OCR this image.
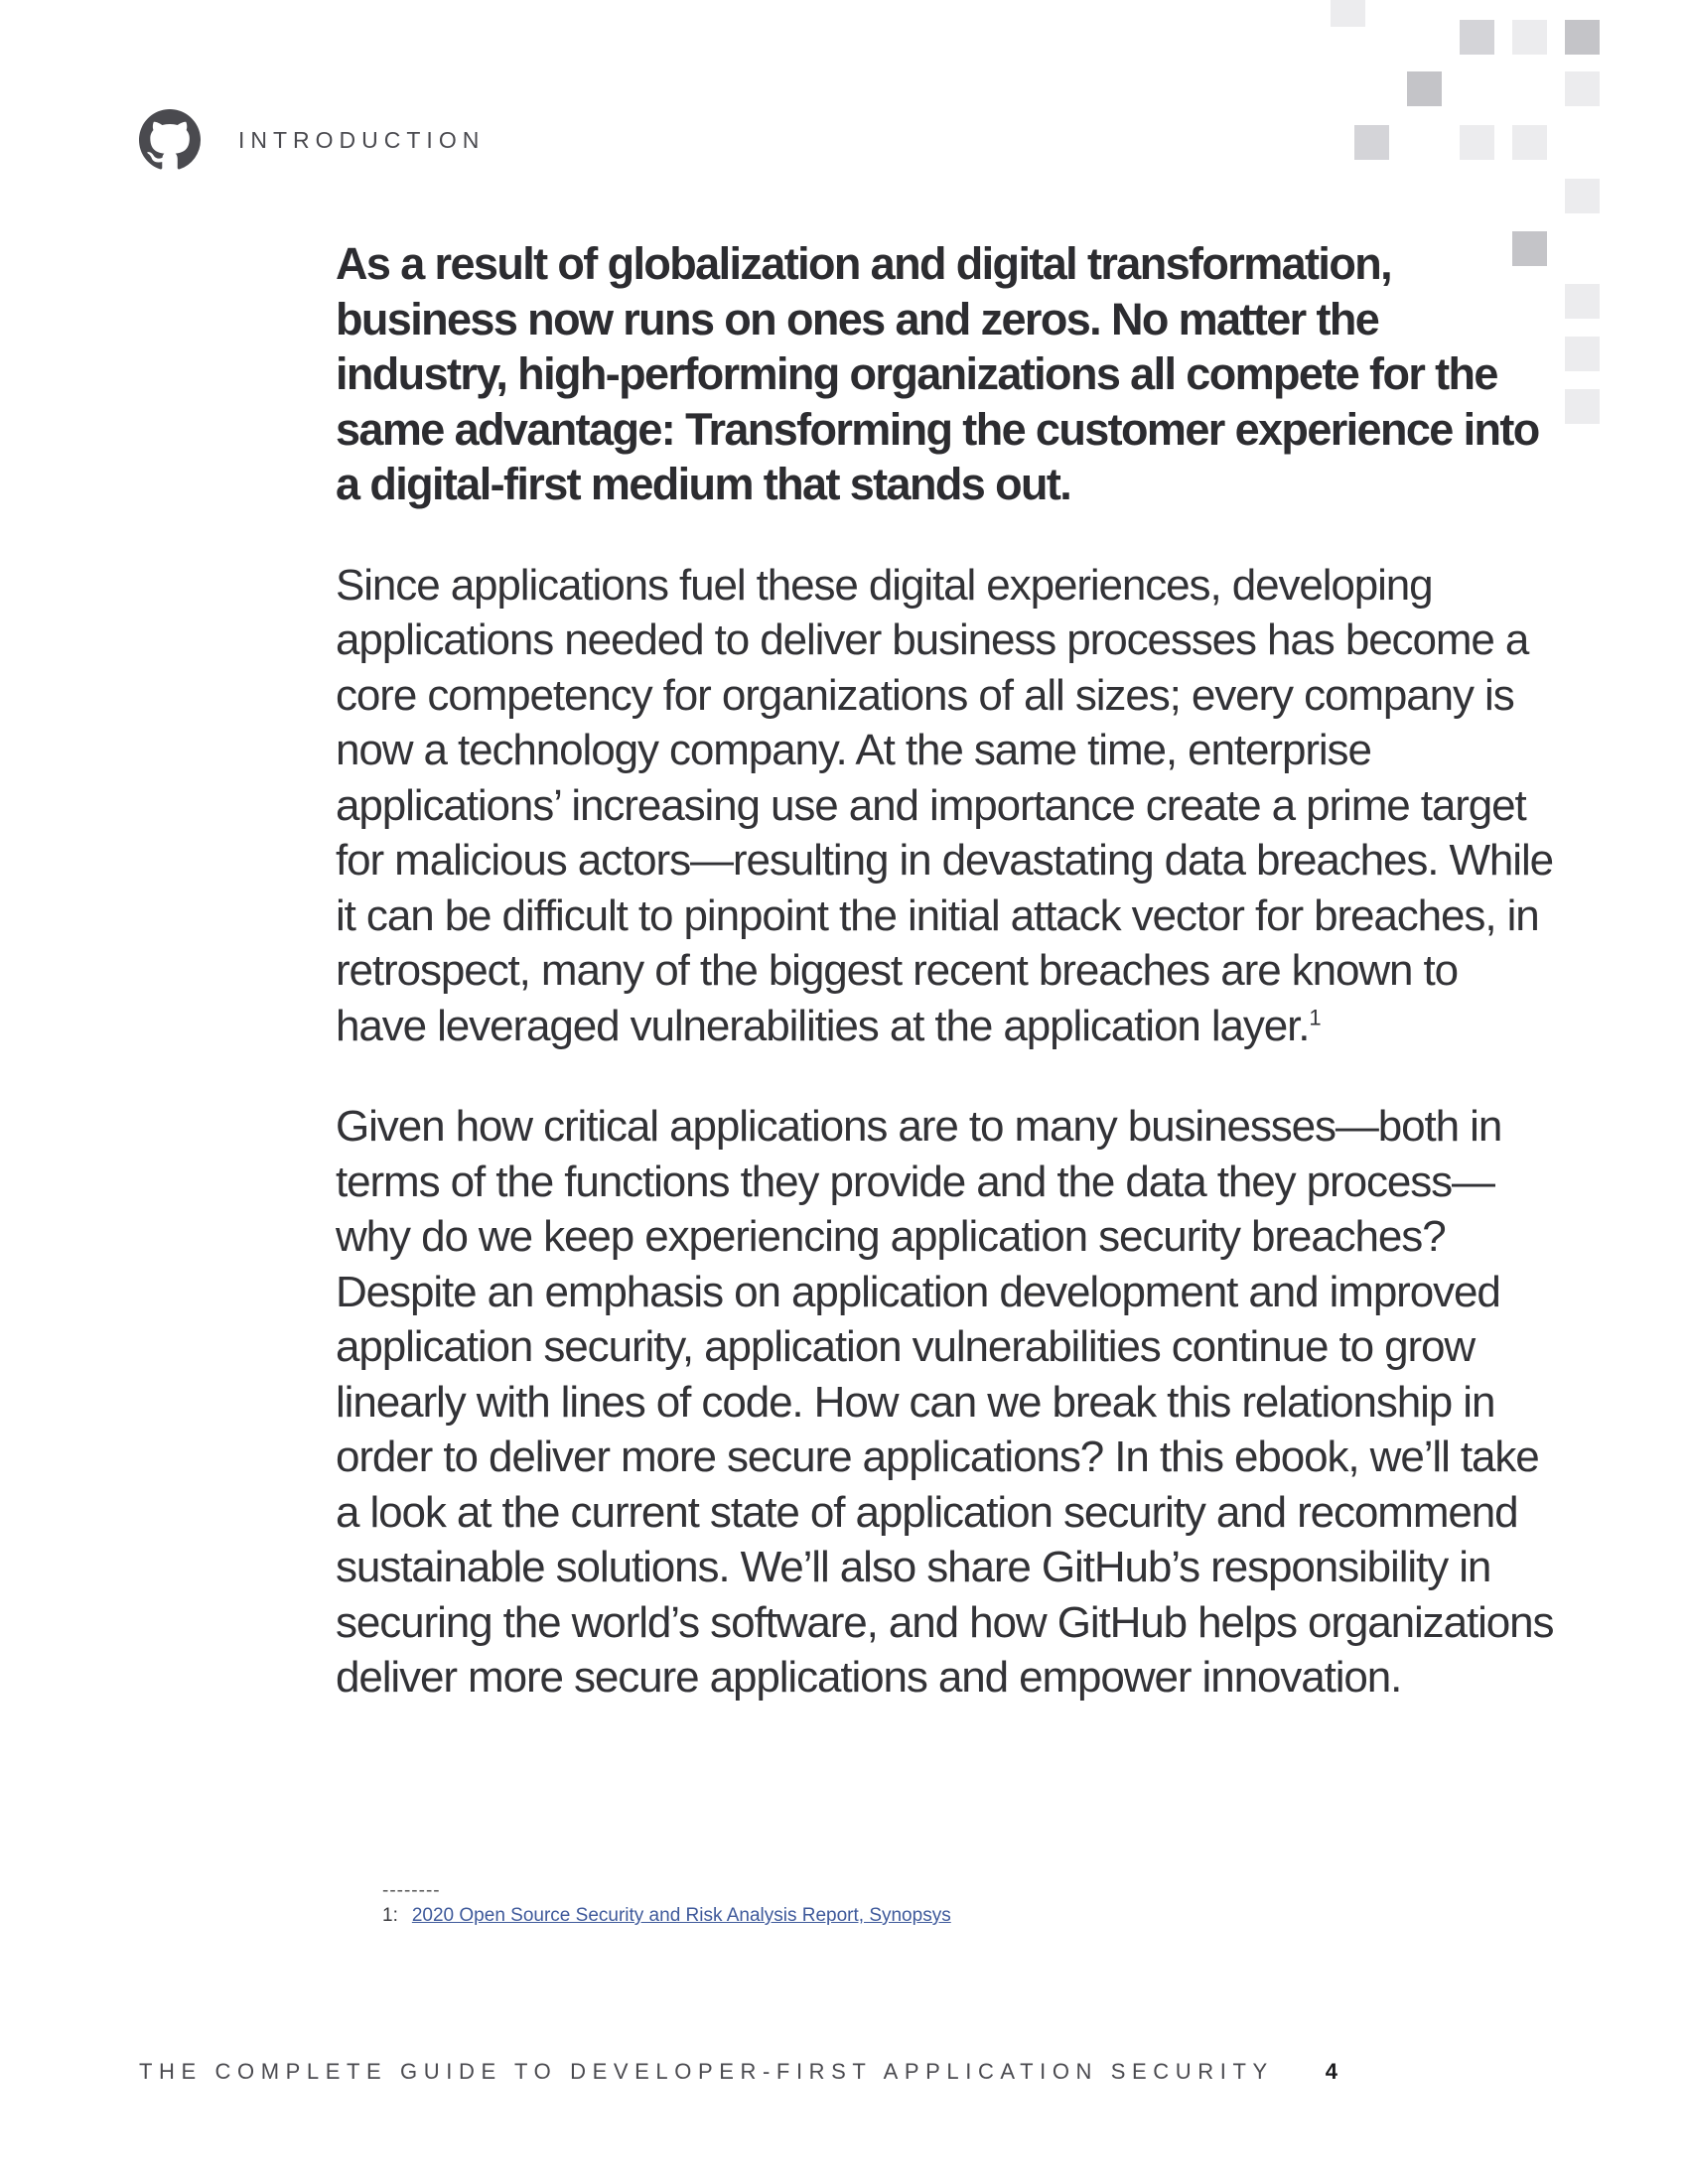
INTRODUCTION

As a result of globalization and digital transformation, business now runs on ones and zeros. No matter the industry, high-performing organizations all compete for the same advantage: Transforming the customer experience into a digital-first medium that stands out.

Since applications fuel these digital experiences, developing applications needed to deliver business processes has become a core competency for organizations of all sizes; every company is now a technology company. At the same time, enterprise applications’ increasing use and importance create a prime target for malicious actors—resulting in devastating data breaches. While it can be difficult to pinpoint the initial attack vector for breaches, in retrospect, many of the biggest recent breaches are known to have leveraged vulnerabilities at the application layer.$^1$

Given how critical applications are to many businesses—both in terms of the functions they provide and the data they process—why do we keep experiencing application security breaches? Despite an emphasis on application development and improved application security, application vulnerabilities continue to grow linearly with lines of code. How can we break this relationship in order to deliver more secure applications? In this ebook, we’ll take a look at the current state of application security and recommend sustainable solutions. We’ll also share GitHub’s responsibility in securing the world’s software, and how GitHub helps organizations deliver more secure applications and empower innovation.

--------
1: 2020 Open Source Security and Risk Analysis Report, Synopsys
THE COMPLETE GUIDE TO DEVELOPER-FIRST APPLICATION SECURITY 4
